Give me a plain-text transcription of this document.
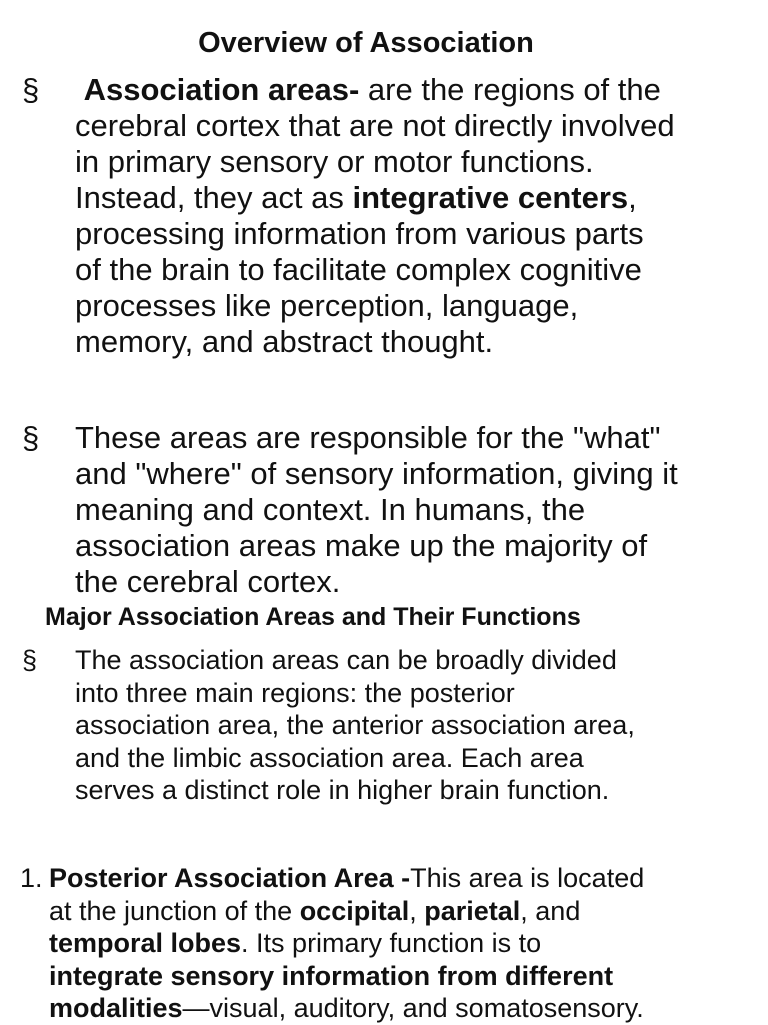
Overview of Association
§ Association areas- are the regions of the
cerebral cortex that are not directly involved
in primary sensory or motor functions.
Instead, they act as integrative centers,
processing information from various parts
of the brain to facilitate complex cognitive
processes like perception, language,
memory, and abstract thought.
§ These areas are responsible for the "what"
and "where" of sensory information, giving it
meaning and context. In humans, the
association areas make up the majority of
the cerebral cortex.
Major Association Areas and Their Functions
§ The association areas can be broadly divided
into three main regions: the posterior
association area, the anterior association area,
and the limbic association area. Each area
serves a distinct role in higher brain function.
1. Posterior Association Area -This area is located
at the junction of the occipital, parietal, and
temporal lobes. Its primary function is to
integrate sensory information from different
modalities—visual, auditory, and somatosensory.
